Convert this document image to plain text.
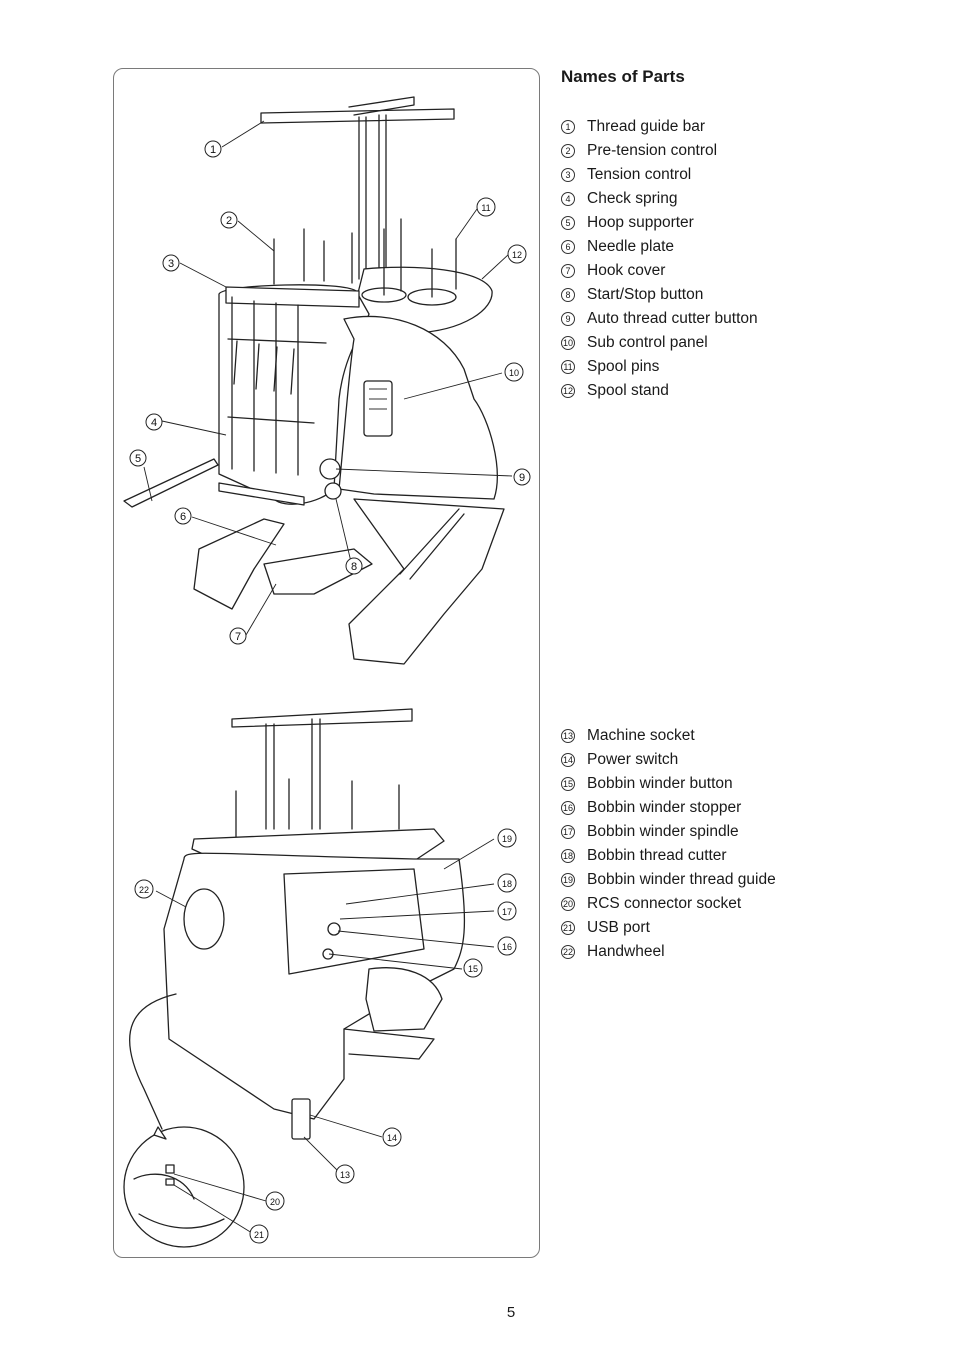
1
2
3
4
5
6
7
8
9
10
11
12
13
14
15
16
17
18
19
20
21
22
Names of Parts
1 Thread guide bar
2 Pre-tension control
3 Tension control
4 Check spring
5 Hoop supporter
6 Needle plate
7 Hook cover
8 Start/Stop button
9 Auto thread cutter button
10 Sub control panel
11 Spool pins
12 Spool stand
13 Machine socket
14 Power switch
15 Bobbin winder button
16 Bobbin winder stopper
17 Bobbin winder spindle
18 Bobbin thread cutter
19 Bobbin winder thread guide
20 RCS connector socket
21 USB port
22 Handwheel

5
